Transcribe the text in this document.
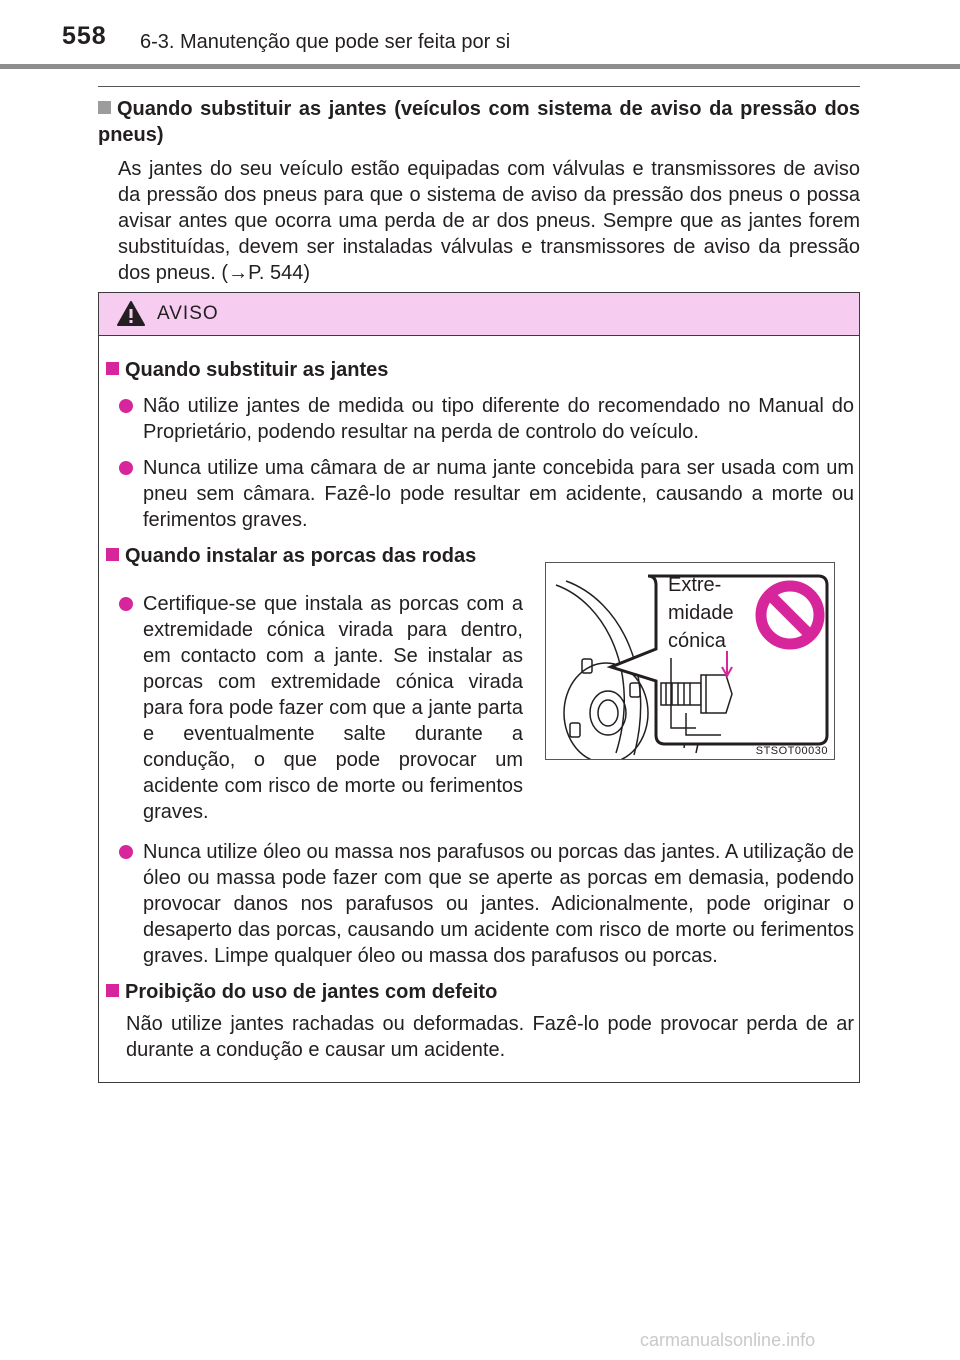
558 6-3. Manutenção que pode ser feita por si
Quando substituir as jantes (veículos com sistema de aviso da pressão dos pneus)
As jantes do seu veículo estão equipadas com válvulas e transmissores de aviso da pressão dos pneus para que o sistema de aviso da pressão dos pneus o possa avisar antes que ocorra uma perda de ar dos pneus. Sempre que as jantes forem substituídas, devem ser instaladas válvulas e transmissores de aviso da pressão dos pneus. (→P. 544)
AVISO
Quando substituir as jantes
Não utilize jantes de medida ou tipo diferente do recomendado no Manual do Proprietário, podendo resultar na perda de controlo do veículo.
Nunca utilize uma câmara de ar numa jante concebida para ser usada com um pneu sem câmara. Fazê-lo pode resultar em acidente, causando a morte ou ferimentos graves.
Quando instalar as porcas das rodas
Certifique-se que instala as porcas com a extremidade cónica virada para dentro, em contacto com a jante. Se instalar as porcas com extremidade cónica virada para fora pode fazer com que a jante parta e eventualmente salte durante a condução, o que pode provocar um acidente com risco de morte ou ferimentos graves.
Nunca utilize óleo ou massa nos parafusos ou porcas das jantes. A utilização de óleo ou massa pode fazer com que se aperte as porcas em demasia, podendo provocar danos nos parafusos ou jantes. Adicionalmente, pode originar o desaperto das porcas, causando um acidente com risco de morte ou ferimentos graves. Limpe qualquer óleo ou massa dos parafusos ou porcas.
Proibição do uso de jantes com defeito
Não utilize jantes rachadas ou deformadas. Fazê-lo pode provocar perda de ar durante a condução e causar um acidente.
Extre-
midade
cónica
STSOT00030
carmanualsonline.info
